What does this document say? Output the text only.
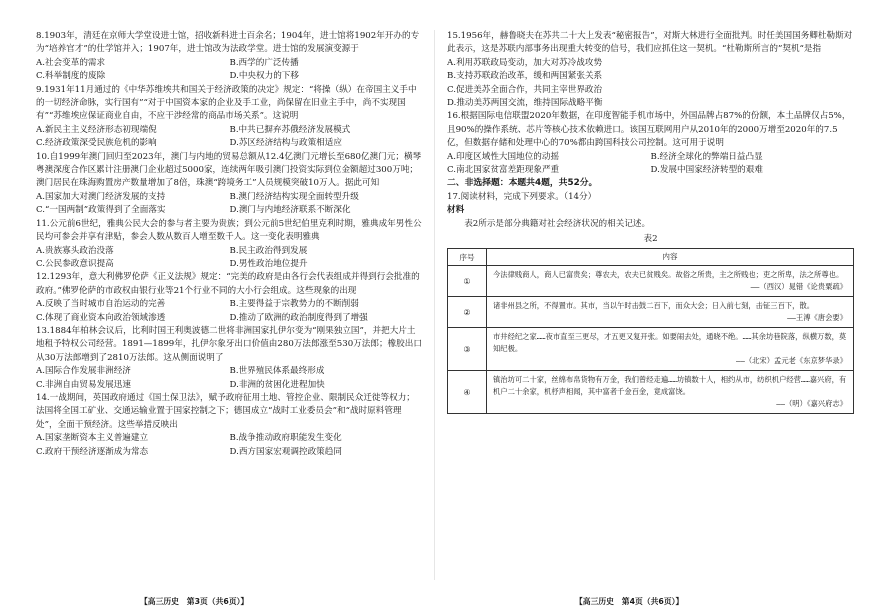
8.1903年，清廷在京师大学堂设进士馆，招收新科进士百余名；1904年，进士馆将1902年开办的专为“培养官才”的仕学馆并入；1907年，进士馆改为法政学堂。进士馆的发展演变源于

A.社会变革的需求	B.西学的广泛传播
C.科举制度的废除	D.中央权力的下移

9.1931年11月通过的《中华苏维埃共和国关于经济政策的决定》规定：“将操（纵）在帝国主义手中的一切经济命脉，实行国有”“对于中国资本家的企业及手工业，尚保留在旧业主手中，尚不实现国有”“苏维埃应保证商业自由，不应干涉经常的商品市场关系”。这说明

A.新民主主义经济形态初现端倪	B.中共已摒弃苏俄经济发展模式
C.经济政策深受民族危机的影响	D.苏区经济结构与政策相适应

10.自1999年澳门回归至2023年，澳门与内地的贸易总额从12.4亿澳门元增长至680亿澳门元；横琴粤澳深度合作区累计注册澳门企业超过5000家，连续两年吸引澳门投资实际到位金额超过300万吨；澳门居民在珠海购置房产数量增加了8倍，珠澳“跨境务工”人员规模突破10万人。据此可知

A.国家加大对澳门经济发展的支持	B.澳门经济结构实现全面转型升级
C.“一国两制”政策得到了全面落实	D.澳门与内地经济联系不断深化

11.公元前6世纪，雅典公民大会的参与者主要为贵族；到公元前5世纪伯里克利时期，雅典成年男性公民均可参会并享有津贴，参会人数从数百人增至数千人。这一变化表明雅典

A.贵族寡头政治没落	B.民主政治得到发展
C.公民参政意识提高	D.男性政治地位提升

12.1293年，意大利佛罗伦萨《正义法规》规定：“完美的政府是由各行会代表组成并得到行会批准的政府。”佛罗伦萨的市政权由银行业等21个行业不同的大小行会组成。这些现象的出现

A.反映了当时城市自治运动的完善	B.主要得益于宗教势力的不断削弱
C.体现了商业资本向政治领域渗透	D.推动了欧洲的政治制度得到了增强

13.1884年柏林会议后，比利时国王利奥波德二世将非洲国家扎伊尔变为“刚果独立国”，并把大片土地租予特权公司经营。1891—1899年，扎伊尔象牙出口价值由280万法郎涨至530万法郎；橡胶出口从30万法郎增到了2810万法郎。这从侧面说明了

A.国际合作发展非洲经济	B.世界殖民体系最终形成
C.非洲自由贸易发展迅速	D.非洲的贫困化进程加快

14.一战期间，英国政府通过《国土保卫法》，赋予政府征用土地、管控企业、限制民众迁徙等权力；法国将全国工矿业、交通运输业置于国家控制之下；德国成立“战时工业委员会”和“战时原料管理处”，全面干预经济。这些举措反映出

A.国家垄断资本主义普遍建立	B.战争推动政府职能发生变化
C.政府干预经济逐渐成为常态	D.西方国家宏观调控政策趋同
【高三历史　第3页（共6页）】

15.1956年，赫鲁晓夫在苏共二十大上发表“秘密报告”，对斯大林进行全面批判。时任美国国务卿杜勒斯对此表示，这是苏联内部事务出现重大转变的信号，我们应抓住这一契机。“杜勒斯所言的”契机“是指

A.利用苏联政局变动，加大对苏冷战攻势
B.支持苏联政治改革，缓和两国紧张关系
C.促进美苏全面合作，共同主宰世界政治
D.推动美苏两国交流，维持国际战略平衡

16.根据国际电信联盟2020年数据，在印度智能手机市场中，外国品牌占87%的份额，本土品牌仅占5%，且90%的操作系统、芯片等核心技术依赖进口。该国互联网用户从2010年的2000万增至2020年的7.5亿，但数据存储和处理中心的70%都由跨国科技公司控制。这可用于说明

A.印度区域性大国地位的动摇	B.经济全球化的弊端日益凸显
C.南北国家贫富差距现象严重	D.发展中国家经济转型的艰难

二、非选择题：本题共4题，共52分。

17.阅读材料，完成下列要求。（14分）

材料

表2所示是部分典籍对社会经济状况的相关记述。

表2

序号	内容
①
今法律贱商人，商人已富贵矣；尊农夫，农夫已贫贱矣。故俗之所贵，主之所贱也；吏之所卑，法之所尊也。
——（西汉）晁错《论贵粟疏》
②
诸非州县之所，不得置市。其市，当以午时击鼓二百下，而众大会；日入前七刻，击钲三百下，散。
——王溥《唐会要》
③
市井经纪之家……夜市直至三更尽，才五更又复开张。如要闹去处，通晓不绝。……其余坊巷院落，纵横万数，莫知纪极。
——（北宋）孟元老《东京梦华录》
④
镇治坊可二十家，丝绵布帛货物有万金，我们曾经走遍……坊镇数十人，相约从市，纺织机户经营……嘉兴府，有机户二十余家，机杼声相闻，其中富者千金百金，竟成富饶。
——（明）《嘉兴府志》
【高三历史　第4页（共6页）】
